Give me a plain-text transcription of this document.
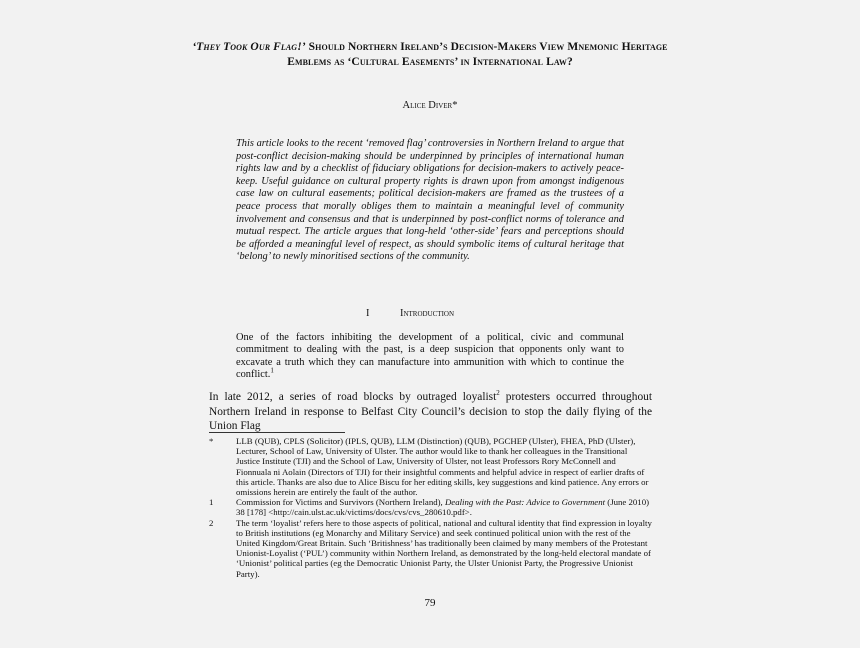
‘They Took Our Flag!’ Should Northern Ireland’s Decision-Makers View Mnemonic Heritage Emblems as ‘Cultural Easements’ in International Law?
Alice Diver*
This article looks to the recent ‘removed flag’ controversies in Northern Ireland to argue that post-conflict decision-making should be underpinned by principles of international human rights law and by a checklist of fiduciary obligations for decision-makers to actively peace-keep. Useful guidance on cultural property rights is drawn upon from amongst indigenous case law on cultural easements; political decision-makers are framed as the trustees of a peace process that morally obliges them to maintain a meaningful level of community involvement and consensus and that is underpinned by post-conflict norms of tolerance and mutual respect. The article argues that long-held ‘other-side’ fears and perceptions should be afforded a meaningful level of respect, as should symbolic items of cultural heritage that ‘belong’ to newly minoritised sections of the community.
I	Introduction
One of the factors inhibiting the development of a political, civic and communal commitment to dealing with the past, is a deep suspicion that opponents only want to excavate a truth which they can manufacture into ammunition with which to continue the conflict.$^1$
In late 2012, a series of road blocks by outraged loyalist$^2$ protesters occurred throughout Northern Ireland in response to Belfast City Council’s decision to stop the daily flying of the Union Flag
*	LLB (QUB), CPLS (Solicitor) (IPLS, QUB), LLM (Distinction) (QUB), PGCHEP (Ulster), FHEA, PhD (Ulster), Lecturer, School of Law, University of Ulster. The author would like to thank her colleagues in the Transitional Justice Institute (TJI) and the School of Law, University of Ulster, not least Professors Rory McConnell and Fionnuala ni Aolain (Directors of TJI) for their insightful comments and helpful advice in respect of earlier drafts of this article. Thanks are also due to Alice Biscu for her editing skills, key suggestions and kind patience. Any errors or omissions herein are entirely the fault of the author.
1	Commission for Victims and Survivors (Northern Ireland), Dealing with the Past: Advice to Government (June 2010) 38 [178] <http://cain.ulst.ac.uk/victims/docs/cvs/cvs_280610.pdf>.
2	The term ‘loyalist’ refers here to those aspects of political, national and cultural identity that find expression in loyalty to British institutions (eg Monarchy and Military Service) and seek continued political union with the rest of the United Kingdom/Great Britain. Such ‘Britishness’ has traditionally been claimed by many members of the Protestant Unionist-Loyalist (‘PUL’) community within Northern Ireland, as demonstrated by the long-held electoral mandate of ‘Unionist’ political parties (eg the Democratic Unionist Party, the Ulster Unionist Party, the Progressive Unionist Party).
79
